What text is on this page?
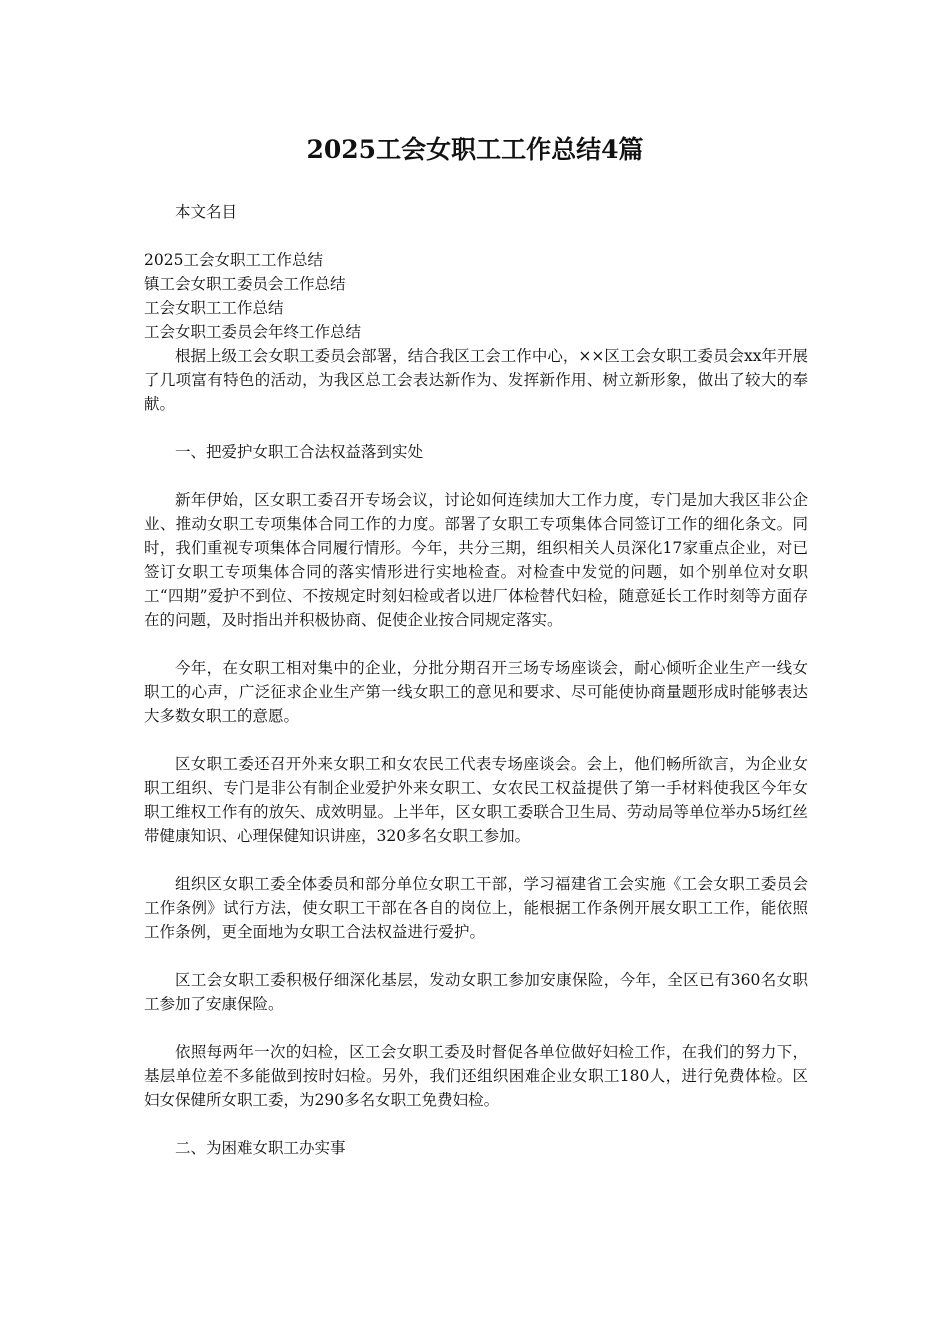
2025工会女职工工作总结4篇

本文名目

2025工会女职工工作总结
镇工会女职工委员会工作总结
工会女职工工作总结
工会女职工委员会年终工作总结

根据上级工会女职工委员会部署，结合我区工会工作中心，××区工会女职工委员会xx年开展了几项富有特色的活动，为我区总工会表达新作为、发挥新作用、树立新形象，做出了较大的奉献。

一、把爱护女职工合法权益落到实处

新年伊始，区女职工委召开专场会议，讨论如何连续加大工作力度，专门是加大我区非公企业、推动女职工专项集体合同工作的力度。部署了女职工专项集体合同签订工作的细化条文。同时，我们重视专项集体合同履行情形。今年，共分三期，组织相关人员深化17家重点企业，对已签订女职工专项集体合同的落实情形进行实地检查。对检查中发觉的问题，如个别单位对女职工“四期”爱护不到位、不按规定时刻妇检或者以进厂体检替代妇检，随意延长工作时刻等方面存在的问题，及时指出并积极协商、促使企业按合同规定落实。

今年，在女职工相对集中的企业，分批分期召开三场专场座谈会，耐心倾听企业生产一线女职工的心声，广泛征求企业生产第一线女职工的意见和要求、尽可能使协商量题形成时能够表达大多数女职工的意愿。

区女职工委还召开外来女职工和女农民工代表专场座谈会。会上，他们畅所欲言，为企业女职工组织、专门是非公有制企业爱护外来女职工、女农民工权益提供了第一手材料使我区今年女职工维权工作有的放矢、成效明显。上半年，区女职工委联合卫生局、劳动局等单位举办5场红丝带健康知识、心理保健知识讲座，320多名女职工参加。

组织区女职工委全体委员和部分单位女职工干部，学习福建省工会实施《工会女职工委员会工作条例》试行方法，使女职工干部在各自的岗位上，能根据工作条例开展女职工工作，能依照工作条例，更全面地为女职工合法权益进行爱护。

区工会女职工委积极仔细深化基层，发动女职工参加安康保险，今年，全区已有360名女职工参加了安康保险。

依照每两年一次的妇检，区工会女职工委及时督促各单位做好妇检工作，在我们的努力下，基层单位差不多能做到按时妇检。另外，我们还组织困难企业女职工180人，进行免费体检。区妇女保健所女职工委，为290多名女职工免费妇检。

二、为困难女职工办实事
